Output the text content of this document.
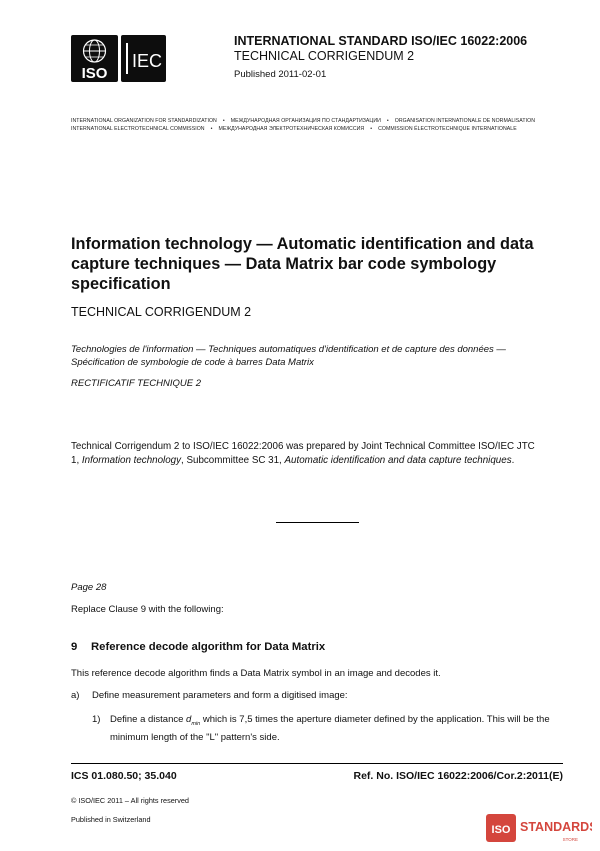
ISO
IEC
INTERNATIONAL STANDARD ISO/IEC 16022:2006
TECHNICAL CORRIGENDUM 2
Published 2011-02-01
INTERNATIONAL ORGANIZATION FOR STANDARDIZATION • МЕЖДУНАРОДНАЯ ОРГАНИЗАЦИЯ ПО СТАНДАРТИЗАЦИИ • ORGANISATION INTERNATIONALE DE NORMALISATION
INTERNATIONAL ELECTROTECHNICAL COMMISSION • МЕЖДУНАРОДНАЯ ЭЛЕКТРОТЕХНИЧЕСКАЯ КОМИССИЯ • COMMISSION ÉLECTROTECHNIQUE INTERNATIONALE
Information technology — Automatic identification and data capture techniques — Data Matrix bar code symbology specification
TECHNICAL CORRIGENDUM 2
Technologies de l'information — Techniques automatiques d'identification et de capture des données —
Spécification de symbologie de code à barres Data Matrix
RECTIFICATIF TECHNIQUE 2
Technical Corrigendum 2 to ISO/IEC 16022:2006 was prepared by Joint Technical Committee ISO/IEC JTC 1, Information technology, Subcommittee SC 31, Automatic identification and data capture techniques.
Page 28
Replace Clause 9 with the following:
9 Reference decode algorithm for Data Matrix
This reference decode algorithm finds a Data Matrix symbol in an image and decodes it.
a) Define measurement parameters and form a digitised image:
1) Define a distance $d_{min}$ which is 7,5 times the aperture diameter defined by the application. This will be the minimum length of the "L" pattern's side.
ICS 01.080.50; 35.040	Ref. No. ISO/IEC 16022:2006/Cor.2:2011(E)
© ISO/IEC 2011 – All rights reserved
Published in Switzerland
ISO STANDARDS
STORE
